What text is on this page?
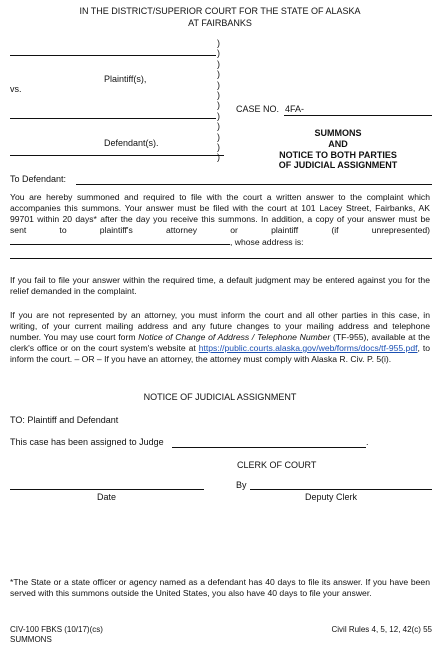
IN THE DISTRICT/SUPERIOR COURT FOR THE STATE OF ALASKA
AT FAIRBANKS
Plaintiff(s),
vs.
Defendant(s).
)
)
)
)
)
)
)
)
)
)
)
)
CASE NO. 4FA-
SUMMONS
AND
NOTICE TO BOTH PARTIES
OF JUDICIAL ASSIGNMENT
To Defendant:
You are hereby summoned and required to file with the court a written answer to the complaint which accompanies this summons. Your answer must be filed with the court at 101 Lacey Street, Fairbanks, AK 99701 within 20 days* after the day you receive this summons. In addition, a copy of your answer must be sent to plaintiff's attorney or plaintiff (if unrepresented) , whose address is:
If you fail to file your answer within the required time, a default judgment may be entered against you for the relief demanded in the complaint.
If you are not represented by an attorney, you must inform the court and all other parties in this case, in writing, of your current mailing address and any future changes to your mailing address and telephone number. You may use court form Notice of Change of Address / Telephone Number (TF-955), available at the clerk's office or on the court system's website at https://public.courts.alaska.gov/web/forms/docs/tf-955.pdf, to inform the court. – OR – If you have an attorney, the attorney must comply with Alaska R. Civ. P. 5(i).
NOTICE OF JUDICIAL ASSIGNMENT
TO: Plaintiff and Defendant
This case has been assigned to Judge	.
CLERK OF COURT
Date
By
Deputy Clerk
*The State or a state officer or agency named as a defendant has 40 days to file its answer. If you have been served with this summons outside the United States, you also have 40 days to file your answer.
CIV-100 FBKS (10/17)(cs)
SUMMONS
Civil Rules 4, 5, 12, 42(c) 55
